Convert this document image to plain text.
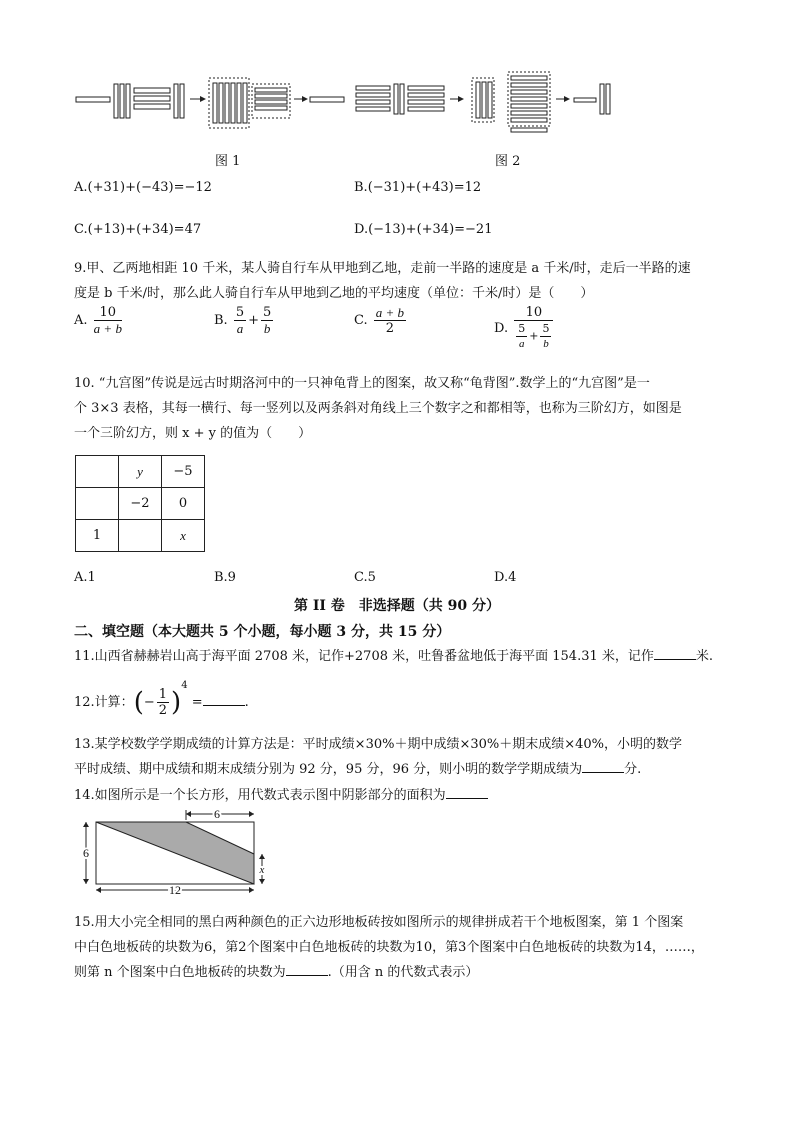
图 1	图 2
A.(+31)+(−43)=−12	B.(−31)+(+43)=12
C.(+13)+(+34)=47	D.(−13)+(+34)=−21
9.甲、乙两地相距 10 千米，某人骑自行车从甲地到乙地，走前一半路的速度是 a 千米/时，走后一半路的速
度是 b 千米/时，那么此人骑自行车从甲地到乙地的平均速度（单位：千米/时）是（　　）
A. $\frac{10}{a + b}$	B. $\frac{5}{a} + \frac{5}{b}$	C. $\frac{a + b}{2}$	D. $\frac{10}{\frac{5}{a} + \frac{5}{b}}$
10. “九宫图”传说是远古时期洛河中的一只神龟背上的图案，故又称“龟背图”.数学上的“九宫图”是一
个 3×3 表格，其每一横行、每一竖列以及两条斜对角线上三个数字之和都相等，也称为三阶幻方，如图是
一个三阶幻方，则 x + y 的值为（　　）
	y	−5
	−2	0
1		x
A.1	B.9	C.5	D.4
第 II 卷　非选择题（共 90 分）
二、填空题（本大题共 5 个小题，每小题 3 分，共 15 分）
11.山西省赫赫岩山高于海平面 2708 米，记作+2708 米，吐鲁番盆地低于海平面 154.31 米，记作	米.
12.计算：(− $\frac{1}{2} )^4$ =	.
13.某学校数学学期成绩的计算方法是：平时成绩×30%＋期中成绩×30%＋期末成绩×40%，小明的数学
平时成绩、期中成绩和期末成绩分别为 92 分，95 分，96 分，则小明的数学学期成绩为	分.
14.如图所示是一个长方形，用代数式表示图中阴影部分的面积为
6
6
12
x
15.用大小完全相同的黑白两种颜色的正六边形地板砖按如图所示的规律拼成若干个地板图案，第 1 个图案
中白色地板砖的块数为6，第2个图案中白色地板砖的块数为10，第3个图案中白色地板砖的块数为14，……，
则第 n 个图案中白色地板砖的块数为	.（用含 n 的代数式表示）
